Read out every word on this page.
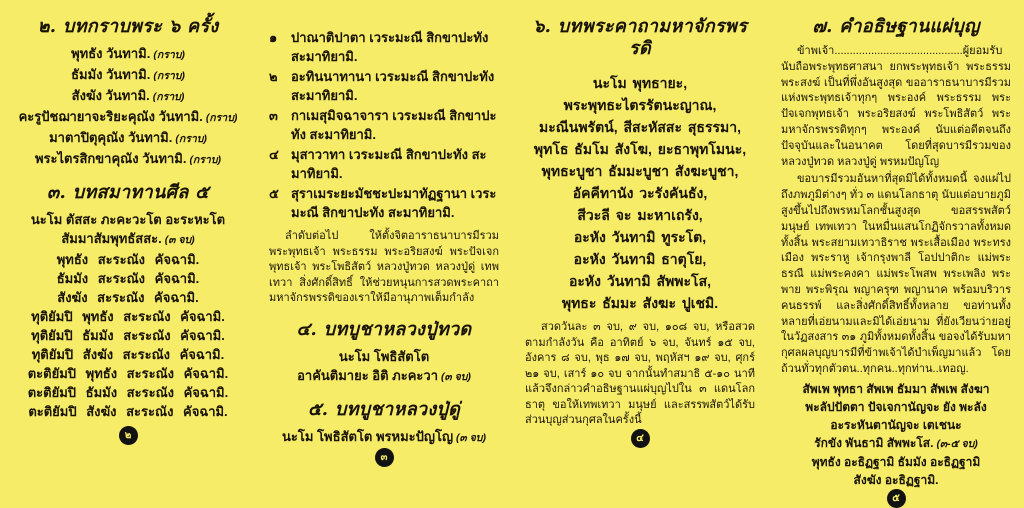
๒. บทกราบพระ ๖ ครั้ง
พุทธัง วันทามิ. (กราบ)
ธัมมัง วันทามิ. (กราบ)
สังฆัง วันทามิ. (กราบ)
คะรูปัชฌายาจะริยะคุณัง วันทามิ. (กราบ)
มาตาปิตุคุณัง วันทามิ. (กราบ)
พระไตรสิกขาคุณัง วันทามิ. (กราบ)
๓. บทสมาทานศีล ๕
นะโม ตัสสะ ภะคะวะโต อะระหะโต
สัมมาสัมพุทธัสสะ. (๓ จบ)
พุทธัง สะระณัง คัจฉามิ.
ธัมมัง สะระณัง คัจฉามิ.
สังฆัง สะระณัง คัจฉามิ.
ทุติยัมปิ พุทธัง สะระณัง คัจฉามิ.
ทุติยัมปิ ธัมมัง สะระณัง คัจฉามิ.
ทุติยัมปิ สังฆัง สะระณัง คัจฉามิ.
ตะติยัมปิ พุทธัง สะระณัง คัจฉามิ.
ตะติยัมปิ ธัมมัง สะระณัง คัจฉามิ.
ตะติยัมปิ สังฆัง สะระณัง คัจฉามิ.
๒
๑	ปาณาติปาตา เวระมะณี สิกขาปะทัง สะมาทิยามิ.
๒	อะทินนาทานา เวระมะณี สิกขาปะทัง สะมาทิยามิ.
๓	กาเมสุมิจฉาจารา เวระมะณี สิกขาปะทัง สะมาทิยามิ.
๔ มุสาวาทา เวระมะณี สิกขาปะทัง สะมาทิยามิ.
๕ สุราเมระยะมัชชะปะมาทัฏฐานา เวระมะณี สิกขาปะทัง สะมาทิยามิ.

ลำดับต่อไป ให้ตั้งจิตอาราธนาบารมีรวมพระพุทธเจ้า พระธรรม พระอริยสงฆ์ พระปัจเจกพุทธเจ้า พระโพธิสัตว์ หลวงปู่ทวด หลวงปู่ดู่ เทพเทวา สิ่งศักดิ์สิทธิ์ ให้ช่วยหนุนการสวดพระคาถามหาจักรพรรดิของเราให้มีอานุภาพเต็มกำลัง

๔. บทบูชาหลวงปู่ทวด
นะโม โพธิสัตโต
อาคันติมายะ อิติ ภะคะวา (๓ จบ)
๕. บทบูชาหลวงปู่ดู่
นะโม โพธิสัตโต พรหมะปัญโญ (๓ จบ)
๓
๖. บทพระคาถามหาจักรพรรดิ
นะโม พุทธายะ,
พระพุทธะไตรรัตนะญาณ,
มะณีนพรัตน์, สีสะหัสสะ สุธรรมา,
พุทโธ ธัมโม สังโฆ, ยะธาพุทโมนะ,
พุทธะบูชา ธัมมะบูชา สังฆะบูชา,
อัคคีทานัง วะรังคันธัง,
สีวะลี จะ มะหาเถรัง,
อะหัง วันทามิ ทูระโต,
อะหัง วันทามิ ธาตุโย,
อะหัง วันทามิ สัพพะโส,
พุทธะ ธัมมะ สังฆะ ปูเชมิ.

สวดวันละ ๓ จบ, ๙ จบ, ๑๐๘ จบ, หรือสวดตามกำลังวัน คือ อาทิตย์ ๖ จบ, จันทร์ ๑๕ จบ, อังคาร ๘ จบ, พุธ ๑๗ จบ, พฤหัสฯ ๑๙ จบ, ศุกร์ ๒๑ จบ, เสาร์ ๑๐ จบ จากนั้นทำสมาธิ ๕-๑๐ นาที แล้วจึงกล่าวคำอธิษฐานแผ่บุญไปใน ๓ แดนโลกธาตุ ขอให้เทพเทวา มนุษย์ และสรรพสัตว์ได้รับส่วนบุญส่วนกุศลในครั้งนี้

๔
๗. คำอธิษฐานแผ่บุญ

ข้าพเจ้า..........................................ผู้ยอมรับนับถือพระพุทธศาสนา ยกพระพุทธเจ้า พระธรรม พระสงฆ์ เป็นที่พึ่งอันสูงสุด ขออาราธนาบารมีรวมแห่งพระพุทธเจ้าทุกๆ พระองค์ พระธรรม พระปัจเจกพุทธเจ้า พระอริยสงฆ์ พระโพธิสัตว์ พระมหาจักรพรรดิทุกๆ พระองค์ นับแต่อดีตจนถึงปัจจุบันและในอนาคต โดยที่สุดบารมีรวมของหลวงปู่ทวด หลวงปู่ดู่ พรหมปัญโญ

ขอบารมีรวมอันหาที่สุดมิได้ทั้งหมดนี้ จงแผ่ไปถึงภพภูมิต่างๆ ทั่ว ๓ แดนโลกธาตุ นับแต่อบายภูมิสูงขึ้นไปถึงพรหมโลกชั้นสูงสุด ขอสรรพสัตว์ มนุษย์ เทพเทวา ในหมื่นแสนโกฏิจักรวาลทั้งหมดทั้งสิ้น พระสยามเทวาธิราช พระเสื้อเมือง พระทรงเมือง พระราหู เจ้ากรุงพาลี โอปปาติกะ แม่พระธรณี แม่พระคงคา แม่พระโพสพ พระเพลิง พระพาย พระพิรุณ พญาครุฑ พญานาค พร้อมบริวาร คนธรรพ์ และสิ่งศักดิ์สิทธิ์ทั้งหลาย ขอท่านทั้งหลายที่เอ่ยนามและมิได้เอ่ยนาม ที่ยังเวียนว่ายอยู่ในวัฏสงสาร ๓๑ ภูมิทั้งหมดทั้งสิ้น ขอจงได้รับมหากุศลผลบุญบารมีที่ข้าพเจ้าได้บำเพ็ญมาแล้ว โดยถ้วนทั่วทุกตัวตน..ทุกคน..ทุกท่าน..เทอญ.

สัพเพ พุทธา สัพเพ ธัมมา สัพเพ สังฆา
พะลัปปัตตา ปัจเจกานัญจะ ยัง พะลัง
อะระหันตานัญจะ เตเชนะ
รักขัง พันธามิ สัพพะโส. (๓-๕ จบ)
พุทธัง อะธิฏฐามิ ธัมมัง อะธิฏฐามิ
สังฆัง อะธิฏฐามิ.
๕
